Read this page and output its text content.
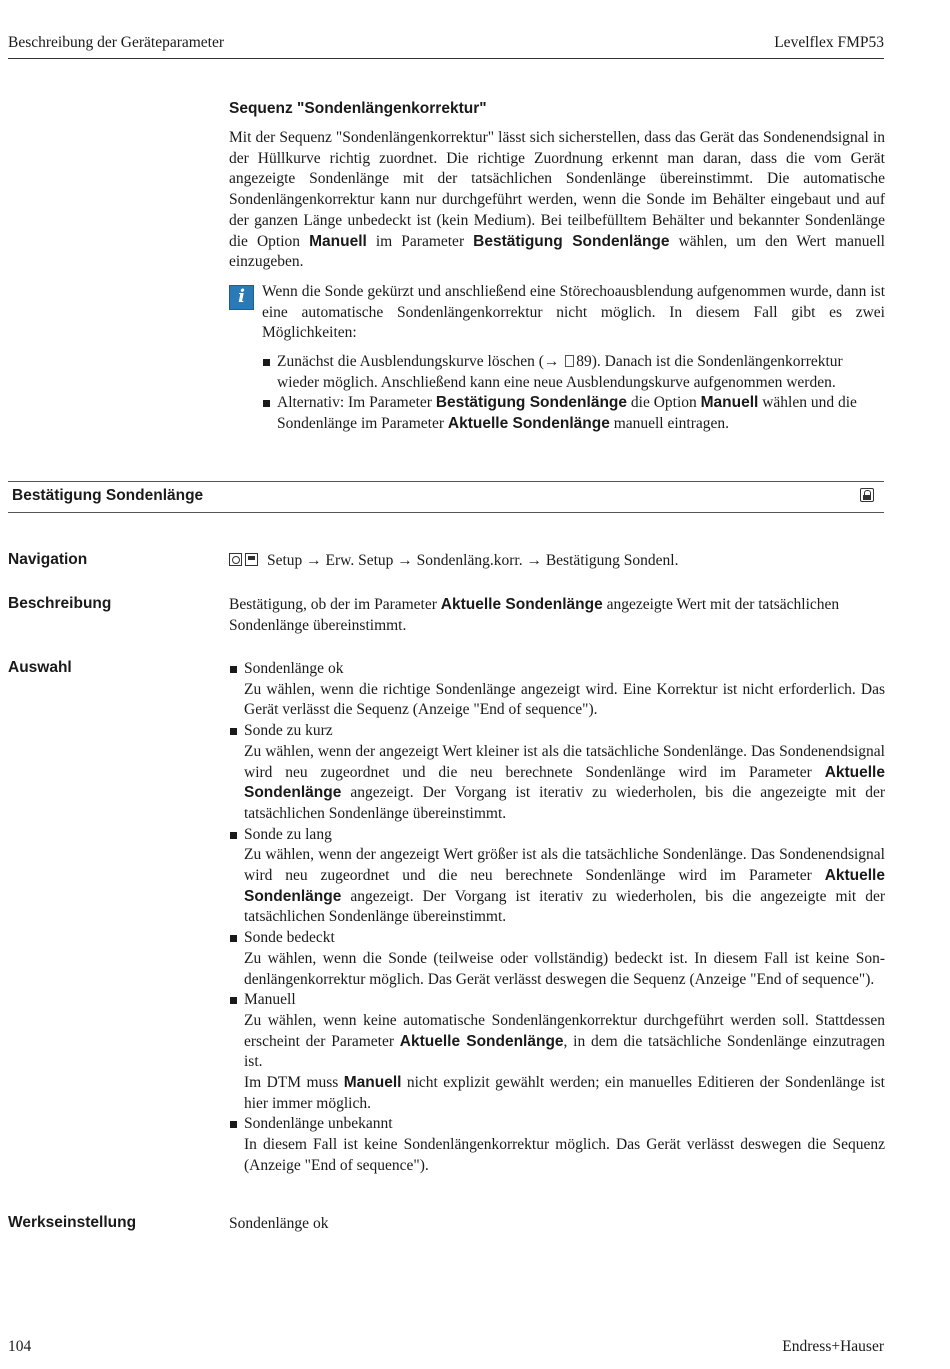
Beschreibung der Geräteparameter	Levelflex FMP53
Sequenz "Sondenlängenkorrektur"
Mit der Sequenz "Sondenlängenkorrektur" lässt sich sicherstellen, dass das Gerät das Sondenendsignal in der Hüllkurve richtig zuordnet. Die richtige Zuordnung erkennt man daran, dass die vom Gerät angezeigte Sondenlänge mit der tatsächlichen Sondenlänge übereinstimmt. Die automatische Sondenlängenkorrektur kann nur durchgeführt werden, wenn die Sonde im Behälter eingebaut und auf der ganzen Länge unbedeckt ist (kein Medium). Bei teilbefülltem Behälter und bekannter Sondenlänge die Option Manuell im Parameter Bestätigung Sondenlänge wählen, um den Wert manuell einzugeben.
i	Wenn die Sonde gekürzt und anschließend eine Störechoausblendung aufgenommen wurde, dann ist eine automatische Sondenlängenkorrektur nicht möglich. In diesem Fall gibt es zwei Möglichkeiten:
Zunächst die Ausblendungskurve löschen (→ 89). Danach ist die Sondenlängenkorrektur wieder möglich. Anschließend kann eine neue Ausblendungskurve aufgenommen werden.
Alternativ: Im Parameter Bestätigung Sondenlänge die Option Manuell wählen und die Sondenlänge im Parameter Aktuelle Sondenlänge manuell eintragen.
Bestätigung Sondenlänge
Navigation	Setup → Erw. Setup → Sondenläng.korr. → Bestätigung Sondenl.
Beschreibung	Bestätigung, ob der im Parameter Aktuelle Sondenlänge angezeigte Wert mit der tatsächlichen Sondenlänge übereinstimmt.
Auswahl	Sondenlänge ok
Zu wählen, wenn die richtige Sondenlänge angezeigt wird. Eine Korrektur ist nicht erforderlich. Das Gerät verlässt die Sequenz (Anzeige "End of sequence").
Sonde zu kurz
Zu wählen, wenn der angezeigt Wert kleiner ist als die tatsächliche Sondenlänge. Das Sondenendsignal wird neu zugeordnet und die neu berechnete Sondenlänge wird im Parameter Aktuelle Sondenlänge angezeigt. Der Vorgang ist iterativ zu wiederholen, bis die angezeigte mit der tatsächlichen Sondenlänge übereinstimmt.
Sonde zu lang
Zu wählen, wenn der angezeigt Wert größer ist als die tatsächliche Sondenlänge. Das Sondenendsignal wird neu zugeordnet und die neu berechnete Sondenlänge wird im Parameter Aktuelle Sondenlänge angezeigt. Der Vorgang ist iterativ zu wiederholen, bis die angezeigte mit der tatsächlichen Sondenlänge übereinstimmt.
Sonde bedeckt
Zu wählen, wenn die Sonde (teilweise oder vollständig) bedeckt ist. In diesem Fall ist keine Sondenlängenkorrektur möglich. Das Gerät verlässt deswegen die Sequenz (Anzeige "End of sequence").
Manuell
Zu wählen, wenn keine automatische Sondenlängenkorrektur durchgeführt werden soll. Stattdessen erscheint der Parameter Aktuelle Sondenlänge, in dem die tatsächliche Sondenlänge einzutragen ist.
Im DTM muss Manuell nicht explizit gewählt werden; ein manuelles Editieren der Sondenlänge ist hier immer möglich.
Sondenlänge unbekannt
In diesem Fall ist keine Sondenlängenkorrektur möglich. Das Gerät verlässt deswegen die Sequenz (Anzeige "End of sequence").
Werkseinstellung	Sondenlänge ok
104	Endress+Hauser
